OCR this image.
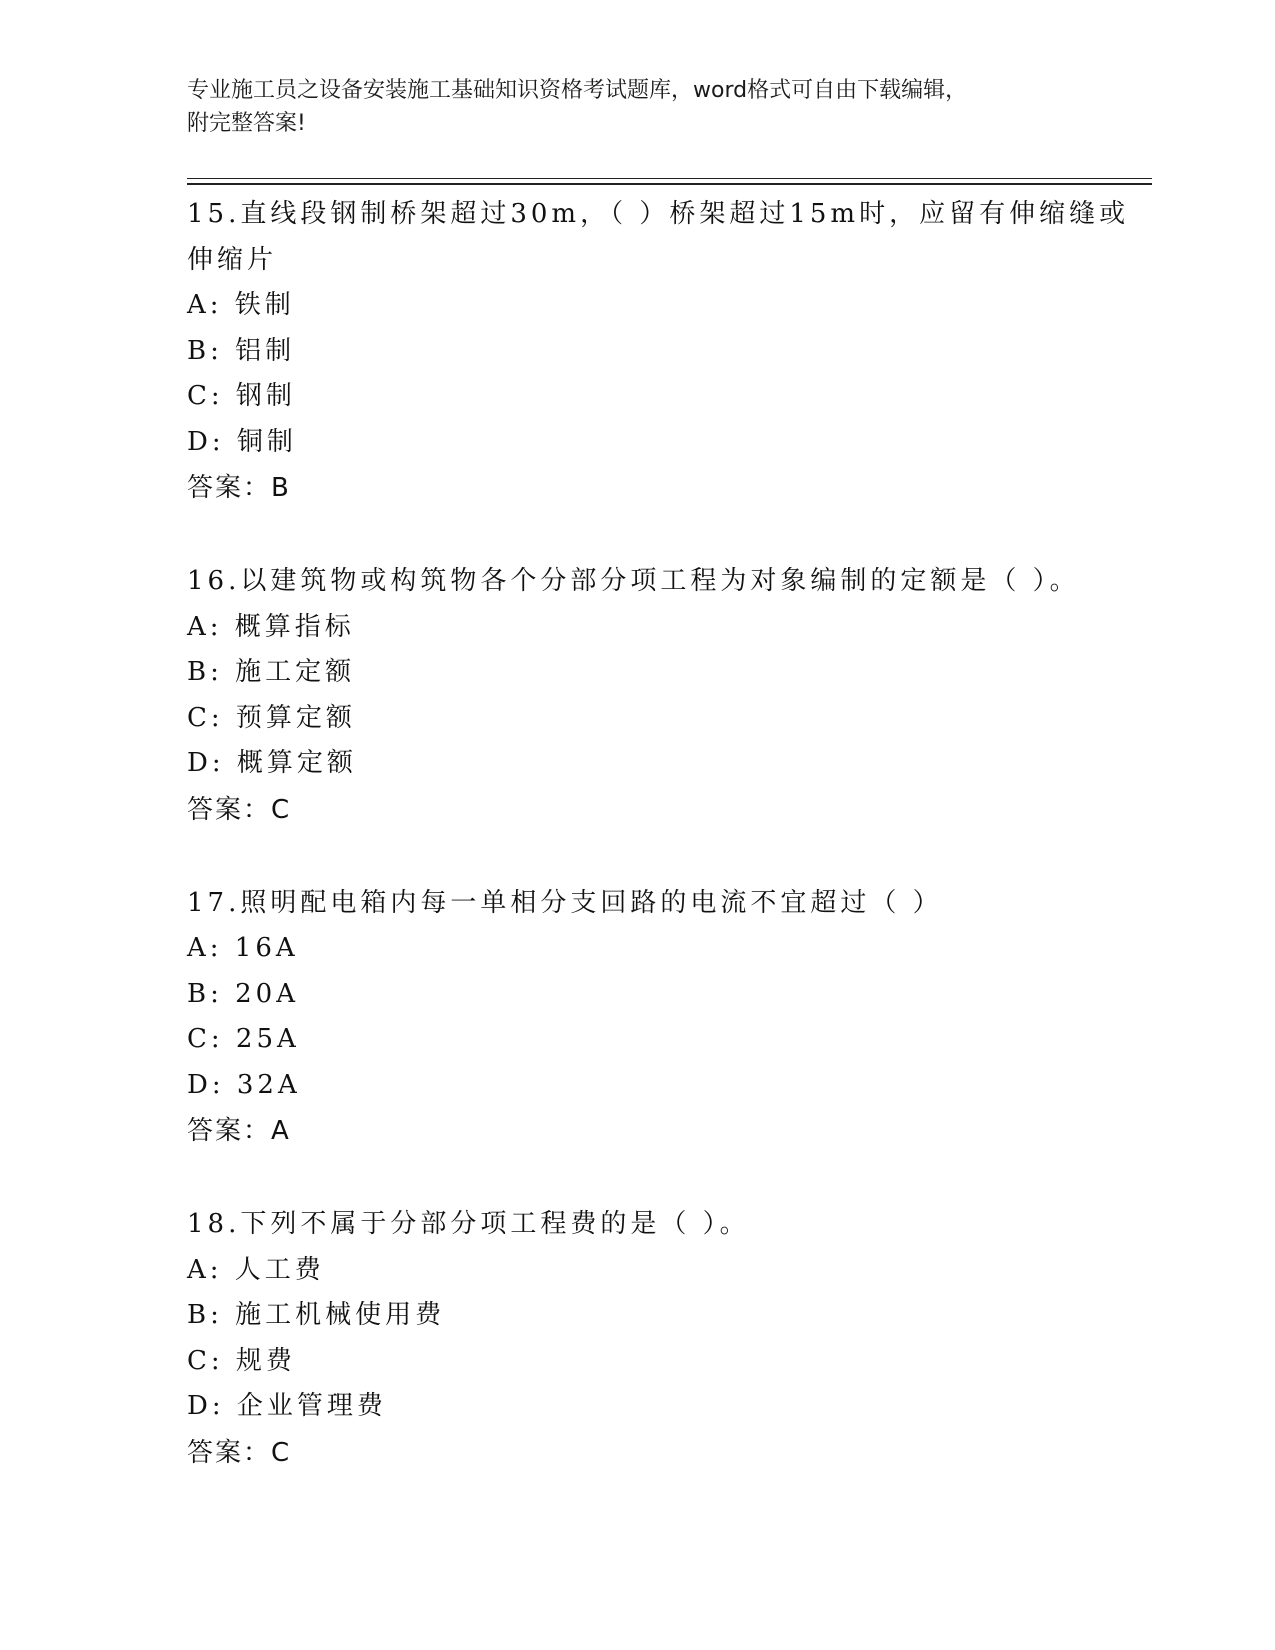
专业施工员之设备安装施工基础知识资格考试题库，word格式可自由下载编辑，
附完整答案!
15.直线段钢制桥架超过30m，（ ）桥架超过15m时，应留有伸缩缝或
伸缩片
A: 铁制
B: 铝制
C: 钢制
D: 铜制
答案：B
16.以建筑物或构筑物各个分部分项工程为对象编制的定额是（ ）。
A: 概算指标
B: 施工定额
C: 预算定额
D: 概算定额
答案：C
17.照明配电箱内每一单相分支回路的电流不宜超过（ ）
A: 16A
B: 20A
C: 25A
D: 32A
答案：A
18.下列不属于分部分项工程费的是（ ）。
A: 人工费
B: 施工机械使用费
C: 规费
D: 企业管理费
答案：C
